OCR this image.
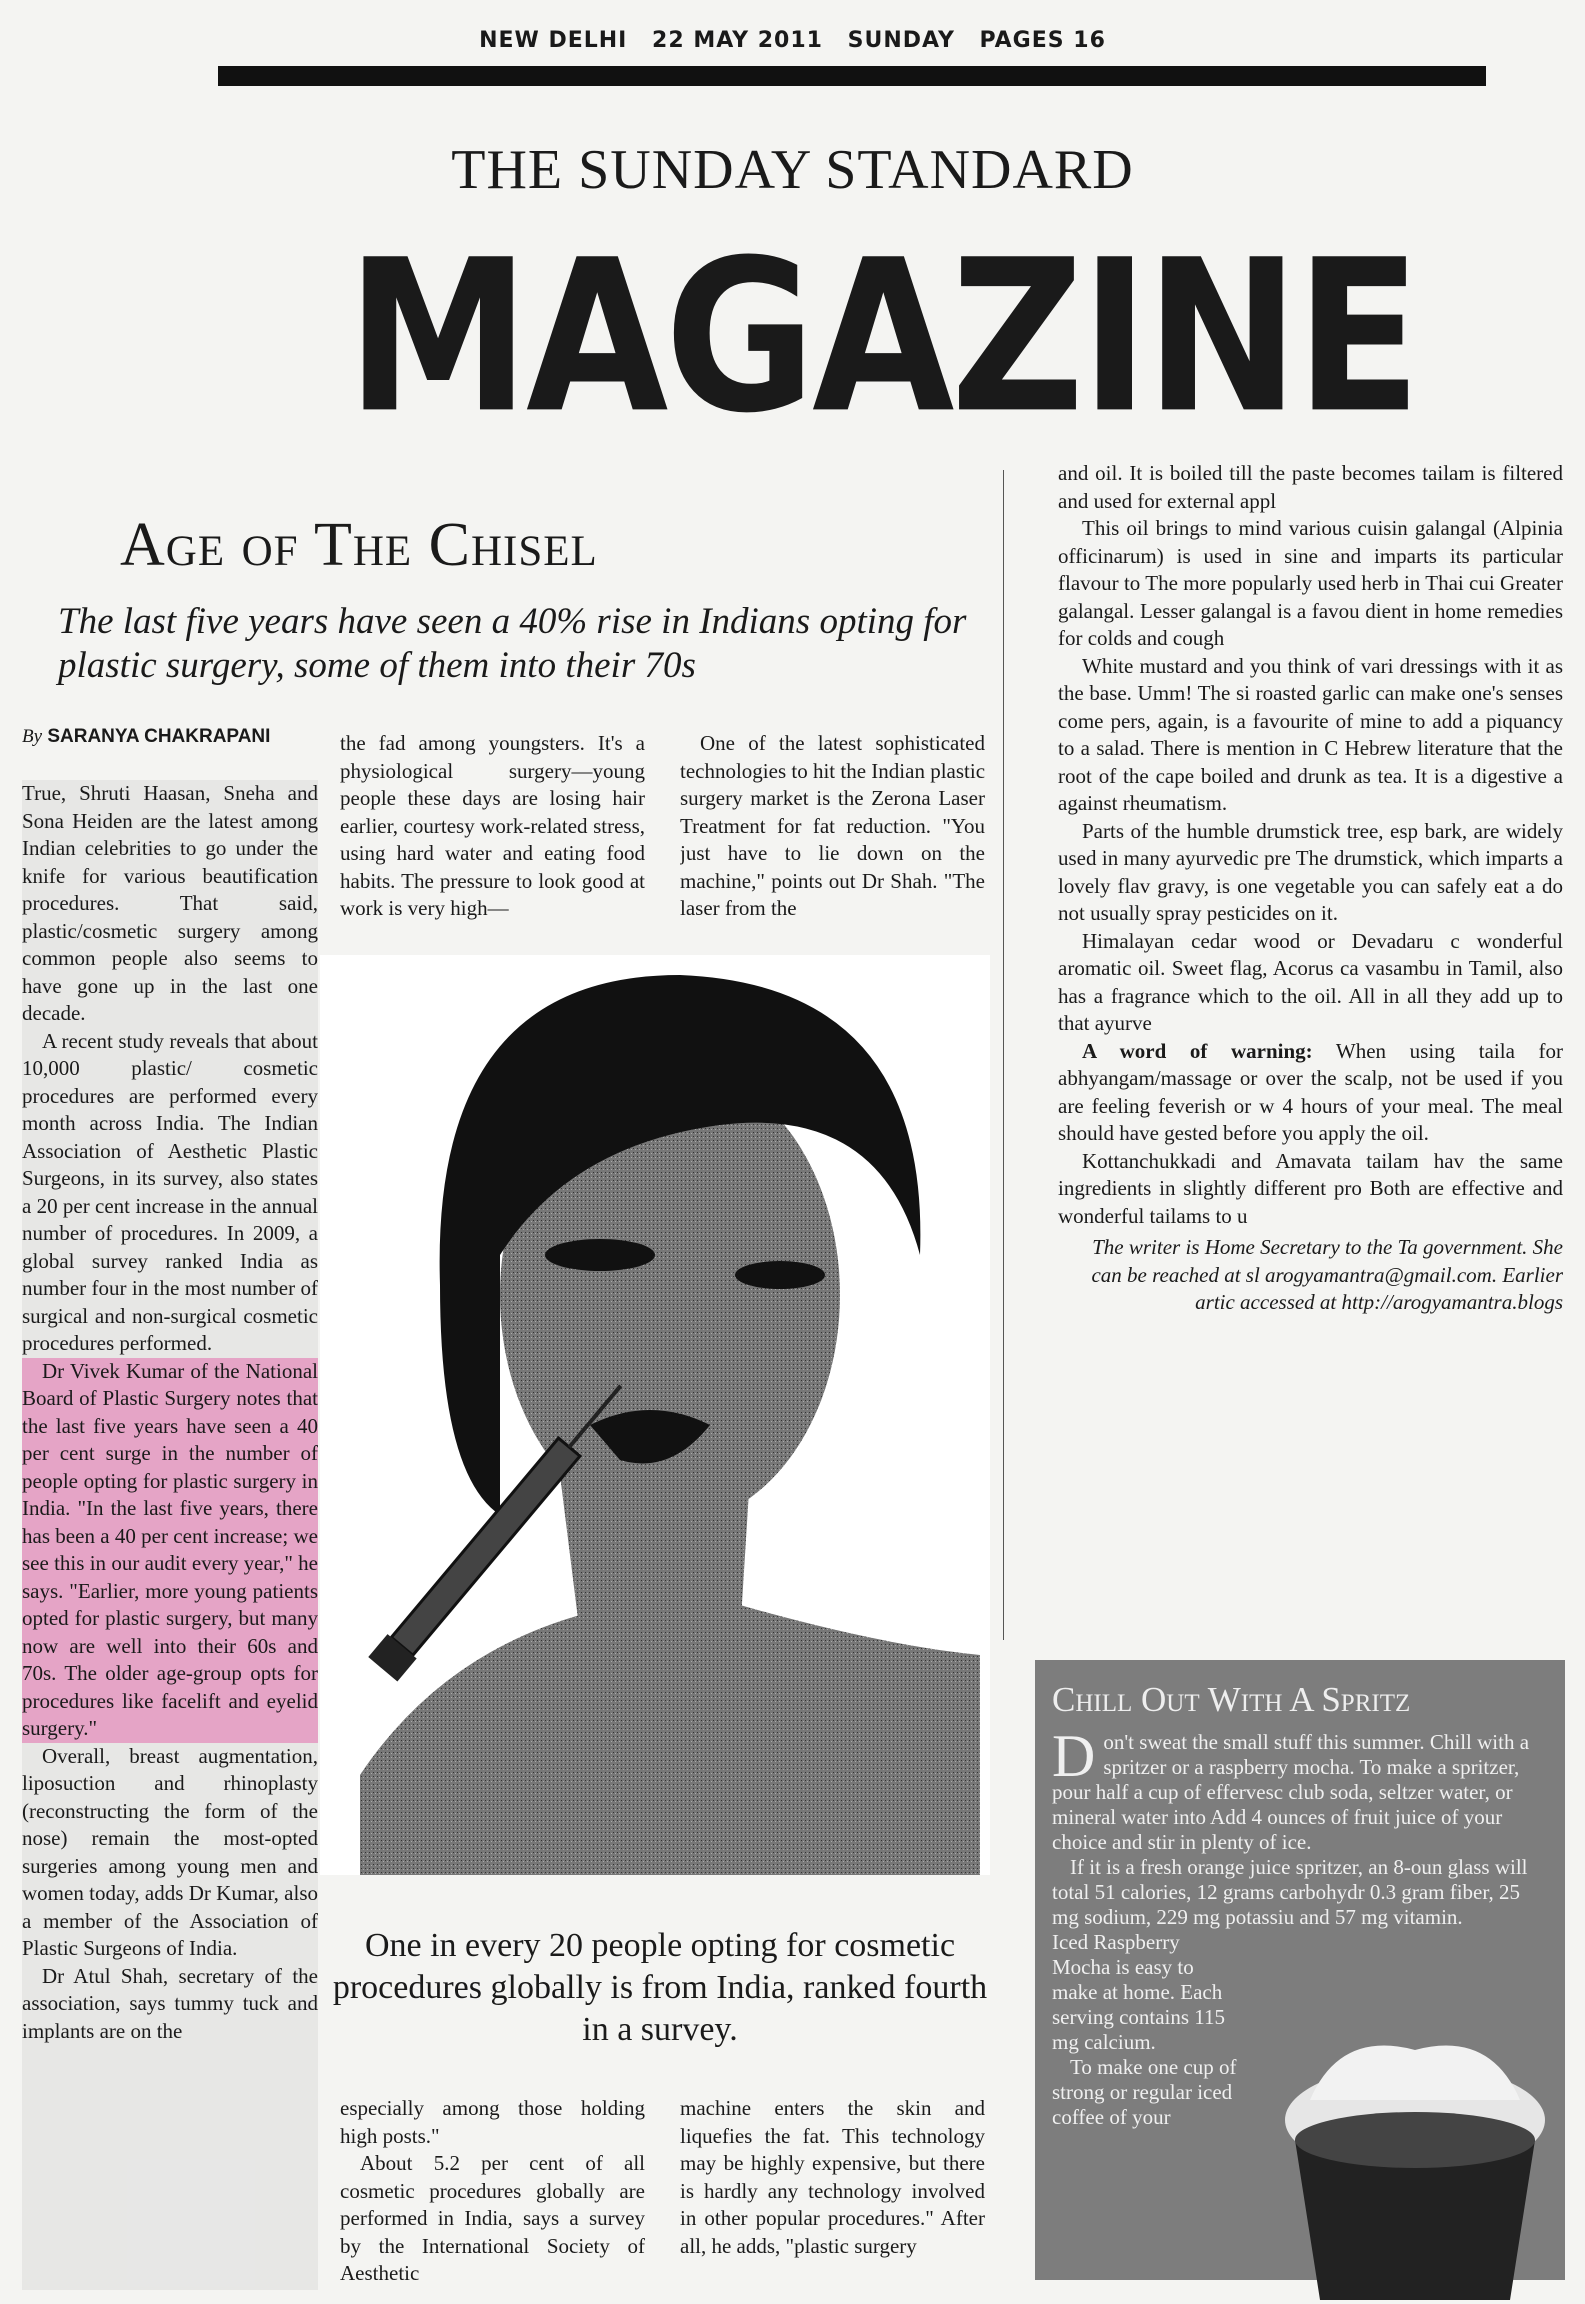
NEW DELHI 22 MAY 2011 SUNDAY PAGES 16
THE SUNDAY STANDARD
MAGAZINE
Age of The Chisel
The last five years have seen a 40% rise in Indians opting for plastic surgery, some of them into their 70s
By SARANYA CHAKRAPANI

True, Shruti Haasan, Sneha and Sona Heiden are the latest among Indian celebrities to go under the knife for various beautification procedures. That said, plastic/cosmetic surgery among common people also seems to have gone up in the last one decade.

A recent study reveals that about 10,000 plastic/ cosmetic procedures are performed every month across India. The Indian Association of Aesthetic Plastic Surgeons, in its survey, also states a 20 per cent increase in the annual number of procedures. In 2009, a global survey ranked India as number four in the most number of surgical and non-surgical cosmetic procedures performed.

Dr Vivek Kumar of the National Board of Plastic Surgery notes that the last five years have seen a 40 per cent surge in the number of people opting for plastic surgery in India. "In the last five years, there has been a 40 per cent increase; we see this in our audit every year," he says. "Earlier, more young patients opted for plastic surgery, but many now are well into their 60s and 70s. The older age-group opts for procedures like facelift and eyelid surgery."

Overall, breast augmentation, liposuction and rhinoplasty (reconstructing the form of the nose) remain the most-opted surgeries among young men and women today, adds Dr Kumar, also a member of the Association of Plastic Surgeons of India.

Dr Atul Shah, secretary of the association, says tummy tuck and implants are on the

the fad among youngsters. It's a physiological surgery—young people these days are losing hair earlier, courtesy work-related stress, using hard water and eating food habits. The pressure to look good at work is very high—

One of the latest sophisticated technologies to hit the Indian plastic surgery market is the Zerona Laser Treatment for fat reduction. "You just have to lie down on the machine," points out Dr Shah. "The laser from the

One in every 20 people opting for cosmetic procedures globally is from India, ranked fourth in a survey.

especially among those holding high posts."

About 5.2 per cent of all cosmetic procedures globally are performed in India, says a survey by the International Society of Aesthetic

machine enters the skin and liquefies the fat. This technology may be highly expensive, but there is hardly any technology involved in other popular procedures." After all, he adds, "plastic surgery

and oil. It is boiled till the paste becomes tailam is filtered and used for external appl

This oil brings to mind various cuisin galangal (Alpinia officinarum) is used in sine and imparts its particular flavour to The more popularly used herb in Thai cui Greater galangal. Lesser galangal is a favou dient in home remedies for colds and cough

White mustard and you think of vari dressings with it as the base. Umm! The si roasted garlic can make one's senses come pers, again, is a favourite of mine to add a piquancy to a salad. There is mention in C Hebrew literature that the root of the cape boiled and drunk as tea. It is a digestive a against rheumatism.

Parts of the humble drumstick tree, esp bark, are widely used in many ayurvedic pre The drumstick, which imparts a lovely flav gravy, is one vegetable you can safely eat a do not usually spray pesticides on it.

Himalayan cedar wood or Devadaru c wonderful aromatic oil. Sweet flag, Acorus ca vasambu in Tamil, also has a fragrance which to the oil. All in all they add up to that ayurve

A word of warning: When using taila for abhyangam/massage or over the scalp, not be used if you are feeling feverish or w 4 hours of your meal. The meal should have gested before you apply the oil.

Kottanchukkadi and Amavata tailam hav the same ingredients in slightly different pro Both are effective and wonderful tailams to u

The writer is Home Secretary to the Ta government. She can be reached at sl arogyamantra@gmail.com. Earlier artic accessed at http://arogyamantra.blogs

Chill Out With A Spritz

Don't sweat the small stuff this summer. Chill with a spritzer or a raspberry mocha. To make a spritzer, pour half a cup of effervesc club soda, seltzer water, or mineral water into Add 4 ounces of fruit juice of your choice and stir in plenty of ice.

If it is a fresh orange juice spritzer, an 8-oun glass will total 51 calories, 12 grams carbohydr 0.3 gram fiber, 25 mg sodium, 229 mg potassiu and 57 mg vitamin.

Iced Raspberry Mocha is easy to make at home. Each serving contains 115 mg calcium.

To make one cup of strong or regular iced coffee of your
